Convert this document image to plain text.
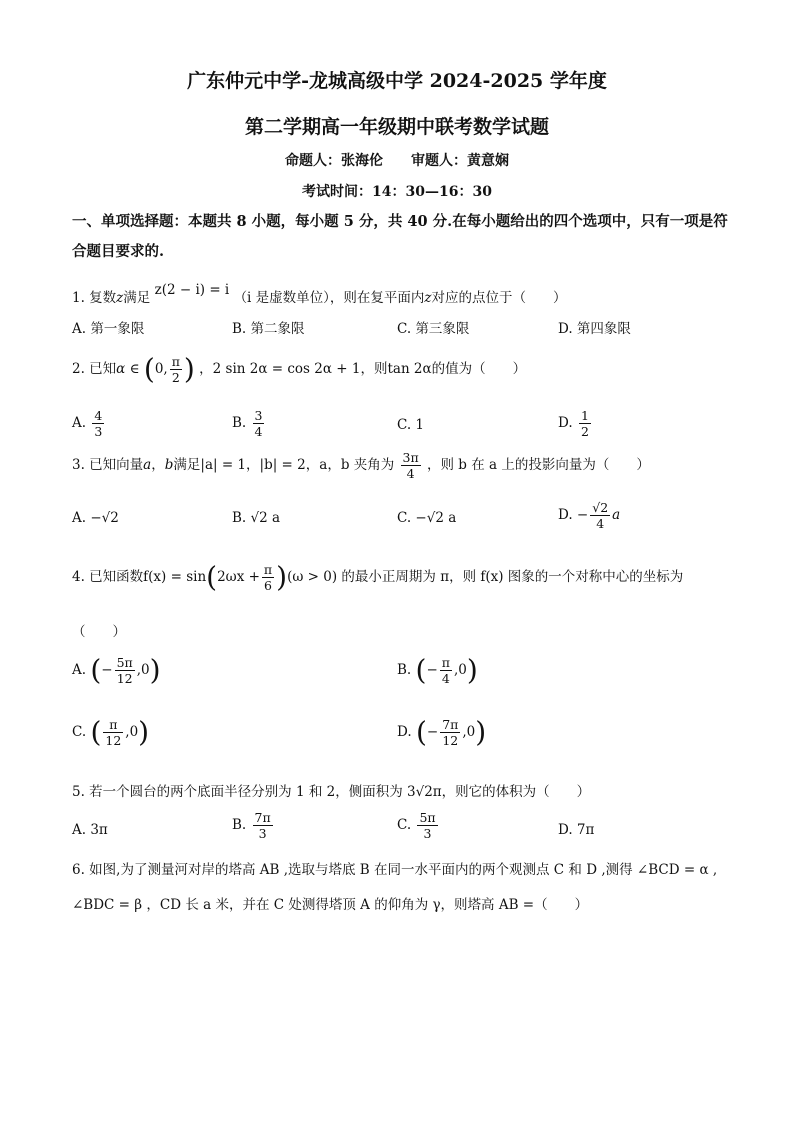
广东仲元中学-龙城高级中学 2024-2025 学年度
第二学期高一年级期中联考数学试题
命题人：张海伦　　审题人：黄意娴
考试时间：14：30—16：30
一、单项选择题：本题共 8 小题，每小题 5 分，共 40 分.在每小题给出的四个选项中，只有一项是符合题目要求的.
1. 复数z满足 z(2 − i) = i （i 是虚数单位），则在复平面内z对应的点位于（　　）
A. 第一象限	B. 第二象限	C. 第三象限	D. 第四象限
2. 已知α ∈ (0, $\frac{\pi}{2}$ ) ，2 sin 2α = cos 2α + 1，则tan 2α的值为（　　）
A. $\frac{4}{3}$	B. $\frac{3}{4}$	C. 1	D. $\frac{1}{2}$
3. 已知向量a，b满足|a| = 1，|b| = 2，a，b 夹角为 $\frac{3\pi}{4}$ ，则 b 在 a 上的投影向量为（　　）
A. −√2	B. √2 a	C. −√2 a	D. − $\frac{√2}{4}$ a
4. 已知函数$f(x) = \sin(2\omega x + \frac{\pi}{6} )(\omega > 0)$ 的最小正周期为 π，则 f(x) 图象的一个对称中心的坐标为
（　　）
A. (− $\frac{5\pi}{12} ,0$)	B. (− $\frac{\pi}{4} ,0$)
C. ( $\frac{\pi}{12} ,0$)	D. (− $\frac{7\pi}{12} ,0$)
5. 若一个圆台的两个底面半径分别为 1 和 2，侧面积为 3√2π，则它的体积为（　　）
A. 3π	B. $\frac{7\pi}{3}$	C. $\frac{5\pi}{3}$	D. 7π
6. 如图,为了测量河对岸的塔高 AB ,选取与塔底 B 在同一水平面内的两个观测点 C 和 D ,测得 ∠BCD = α ,
∠BDC = β ，CD 长 a 米，并在 C 处测得塔顶 A 的仰角为 γ，则塔高 AB =（　　）
